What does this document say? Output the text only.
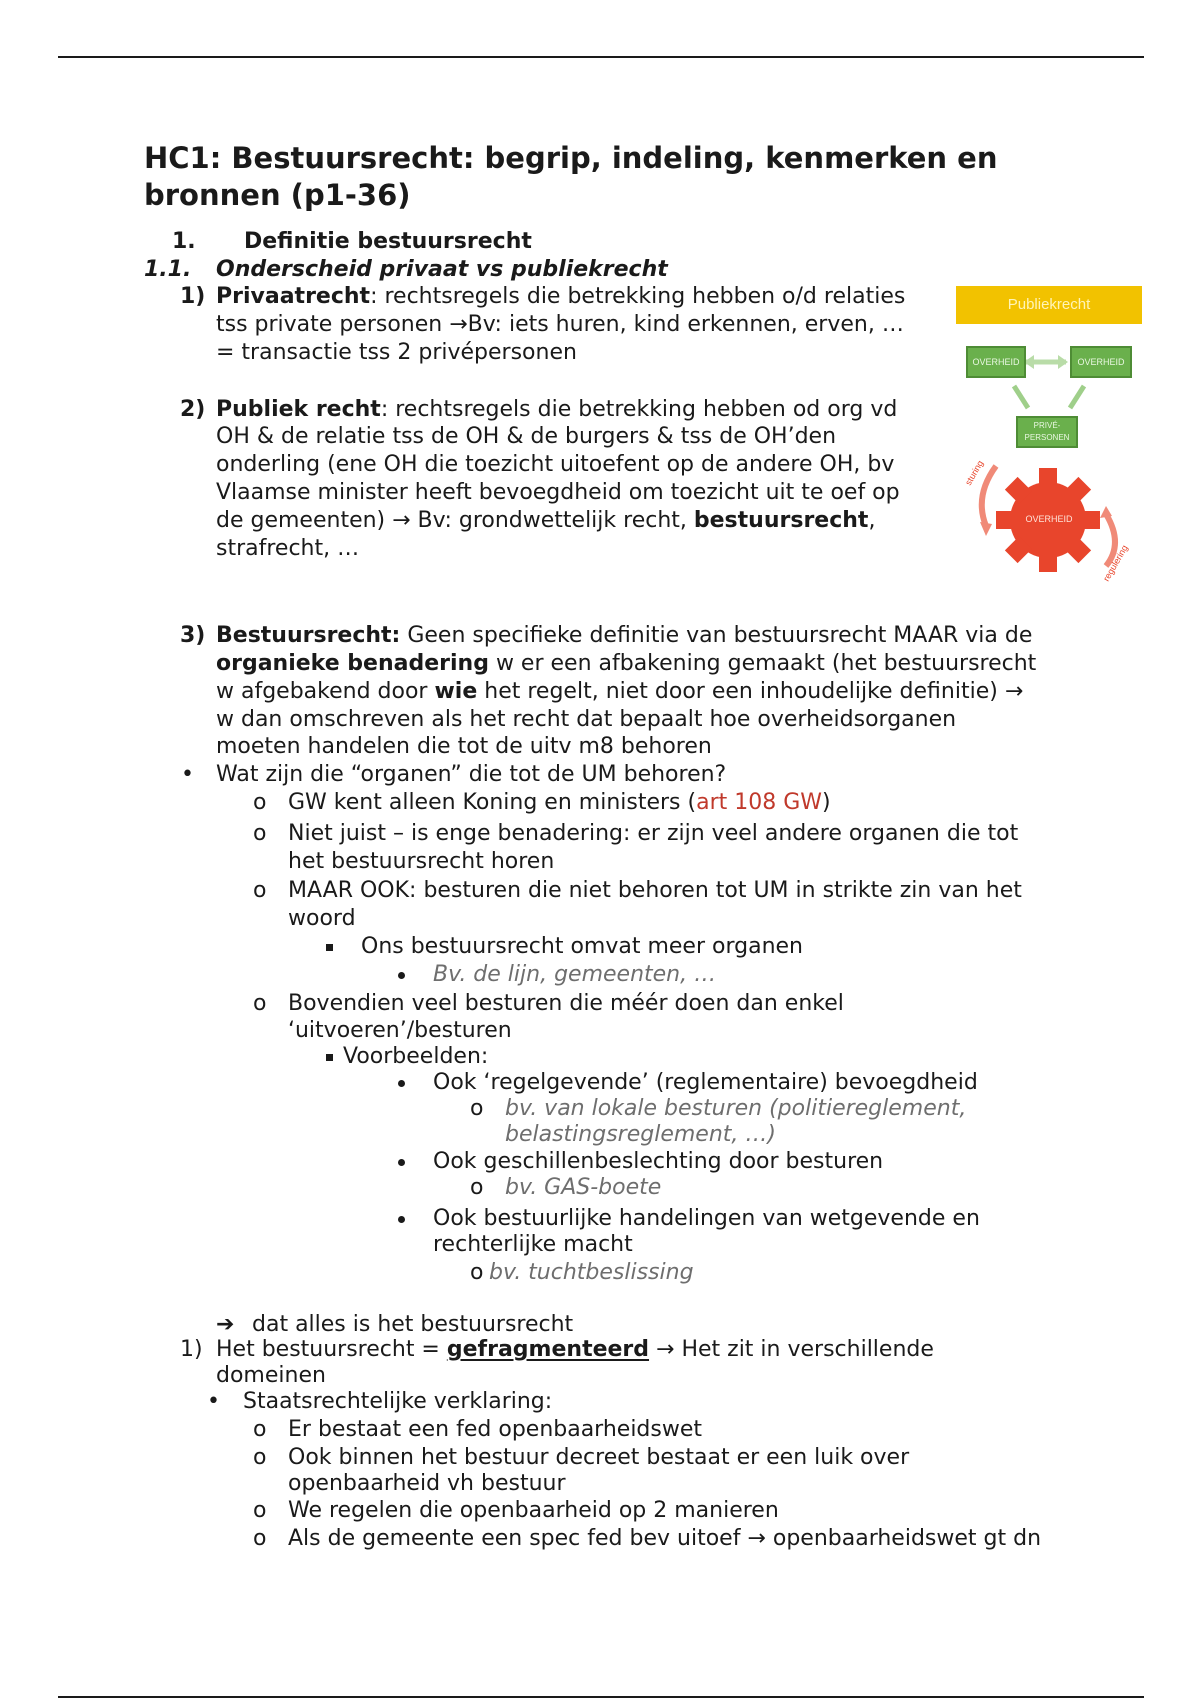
HC1: Bestuursrecht: begrip, indeling, kenmerken en
bronnen (p1-36)
1. Definitie bestuursrecht
1.1. Onderscheid privaat vs publiekrecht
1) Privaatrecht: rechtsregels die betrekking hebben o/d relaties
tss private personen →Bv: iets huren, kind erkennen, erven, …
= transactie tss 2 privépersonen
2) Publiek recht: rechtsregels die betrekking hebben od org vd
OH & de relatie tss de OH & de burgers & tss de OH’den
onderling (ene OH die toezicht uitoefent op de andere OH, bv
Vlaamse minister heeft bevoegdheid om toezicht uit te oef op
de gemeenten) → Bv: grondwettelijk recht, bestuursrecht,
strafrecht, …
3) Bestuursrecht: Geen specifieke definitie van bestuursrecht MAAR via de
organieke benadering w er een afbakening gemaakt (het bestuursrecht
w afgebakend door wie het regelt, niet door een inhoudelijke definitie) →
w dan omschreven als het recht dat bepaalt hoe overheidsorganen
moeten handelen die tot de uitv m8 behoren
• Wat zijn die “organen” die tot de UM behoren?
o GW kent alleen Koning en ministers (art 108 GW)
o Niet juist – is enge benadering: er zijn veel andere organen die tot
het bestuursrecht horen
o MAAR OOK: besturen die niet behoren tot UM in strikte zin van het
woord
Ons bestuursrecht omvat meer organen
Bv. de lijn, gemeenten, …
o Bovendien veel besturen die méér doen dan enkel
‘uitvoeren’/besturen
Voorbeelden:
Ook ‘regelgevende’ (reglementaire) bevoegdheid
o bv. van lokale besturen (politiereglement,
belastingsreglement, …)
Ook geschillenbeslechting door besturen
o bv. GAS-boete
Ook bestuurlijke handelingen van wetgevende en
rechterlijke macht
o bv. tuchtbeslissing
➔ dat alles is het bestuursrecht
1) Het bestuursrecht = gefragmenteerd → Het zit in verschillende
domeinen
• Staatsrechtelijke verklaring:
o Er bestaat een fed openbaarheidswet
o Ook binnen het bestuur decreet bestaat er een luik over
openbaarheid vh bestuur
o We regelen die openbaarheid op 2 manieren
o Als de gemeente een spec fed bev uitoef → openbaarheidswet gt dn
sturing
regulering
Publiekrecht
OVERHEID	OVERHEID
PRIVÉ-
PERSONEN
OVERHEID
